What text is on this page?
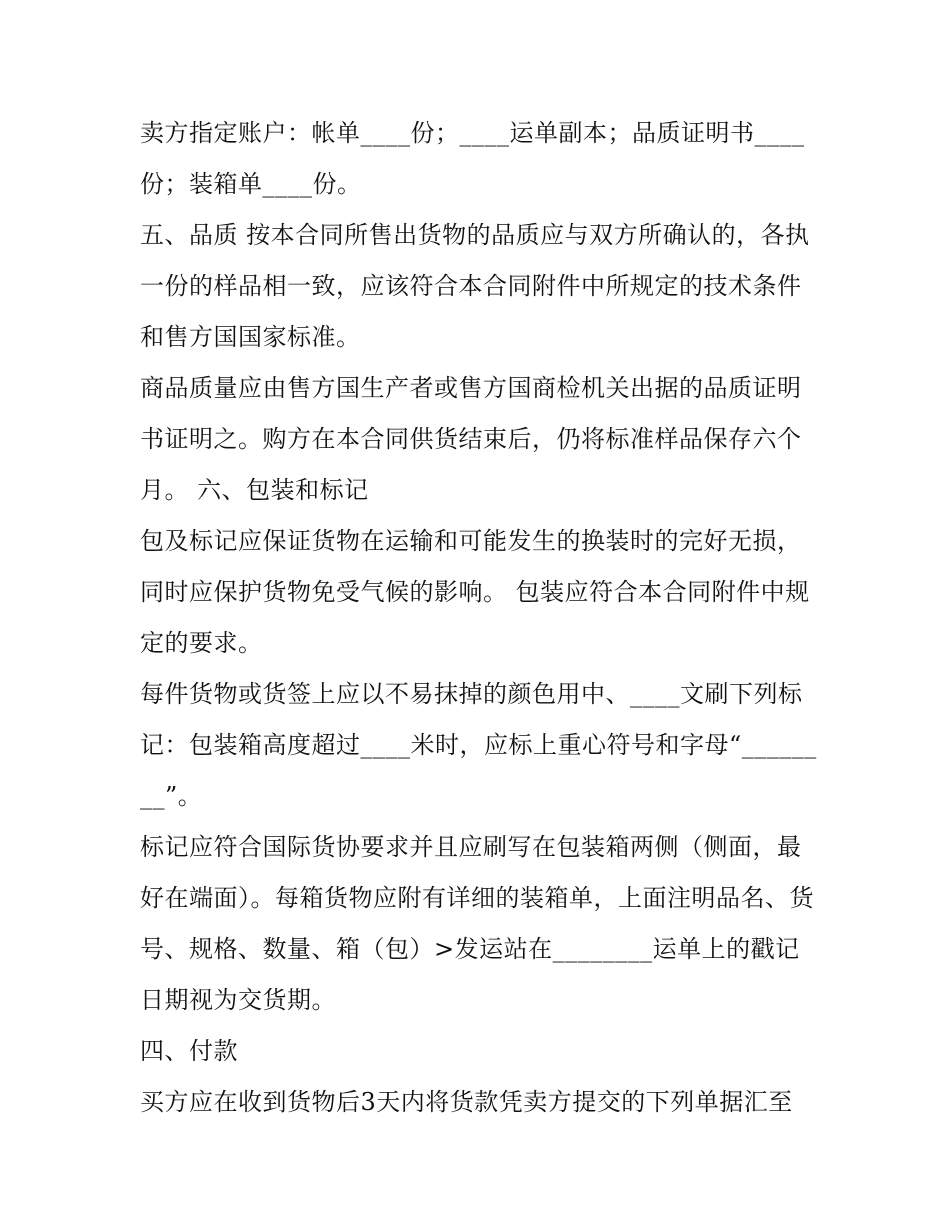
卖方指定账户：帐单____份；____运单副本；品质证明书____份；装箱单____份。

五、品质 按本合同所售出货物的品质应与双方所确认的，各执一份的样品相一致，应该符合本合同附件中所规定的技术条件和售方国国家标准。

商品质量应由售方国生产者或售方国商检机关出据的品质证明书证明之。购方在本合同供货结束后，仍将标准样品保存六个月。 六、包装和标记

包及标记应保证货物在运输和可能发生的换装时的完好无损，同时应保护货物免受气候的影响。 包装应符合本合同附件中规定的要求。

每件货物或货签上应以不易抹掉的颜色用中、____文刷下列标记：包装箱高度超过____米时，应标上重心符号和字母“________”。

标记应符合国际货协要求并且应刷写在包装箱两侧（侧面，最好在端面）。每箱货物应附有详细的装箱单，上面注明品名、货号、规格、数量、箱（包）>发运站在________运单上的戳记日期视为交货期。

四、付款

买方应在收到货物后3天内将货款凭卖方提交的下列单据汇至
